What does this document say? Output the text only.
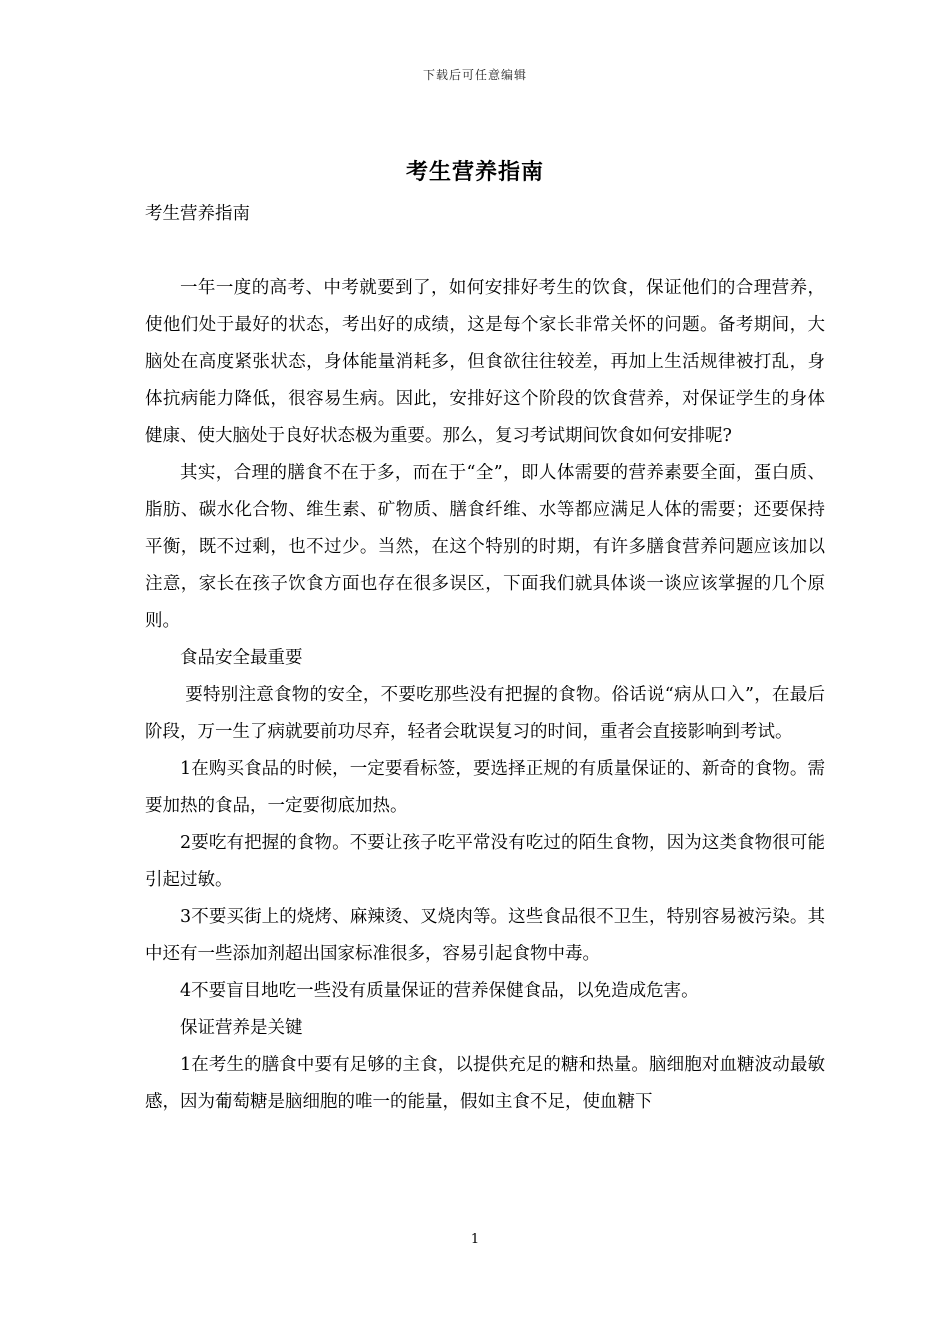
下载后可任意编辑
考生营养指南

考生营养指南

一年一度的高考、中考就要到了，如何安排好考生的饮食，保证他们的合理营养，使他们处于最好的状态，考出好的成绩，这是每个家长非常关怀的问题。备考期间，大脑处在高度紧张状态，身体能量消耗多，但食欲往往较差，再加上生活规律被打乱，身体抗病能力降低，很容易生病。因此，安排好这个阶段的饮食营养，对保证学生的身体健康、使大脑处于良好状态极为重要。那么，复习考试期间饮食如何安排呢?

其实，合理的膳食不在于多，而在于“全”，即人体需要的营养素要全面，蛋白质、脂肪、碳水化合物、维生素、矿物质、膳食纤维、水等都应满足人体的需要；还要保持平衡，既不过剩，也不过少。当然，在这个特别的时期，有许多膳食营养问题应该加以注意，家长在孩子饮食方面也存在很多误区，下面我们就具体谈一谈应该掌握的几个原则。

食品安全最重要

要特别注意食物的安全，不要吃那些没有把握的食物。俗话说“病从口入”，在最后阶段，万一生了病就要前功尽弃，轻者会耽误复习的时间，重者会直接影响到考试。

1在购买食品的时候，一定要看标签，要选择正规的有质量保证的、新奇的食物。需要加热的食品，一定要彻底加热。

2要吃有把握的食物。不要让孩子吃平常没有吃过的陌生食物，因为这类食物很可能引起过敏。

3不要买街上的烧烤、麻辣烫、叉烧肉等。这些食品很不卫生，特别容易被污染。其中还有一些添加剂超出国家标准很多，容易引起食物中毒。

4不要盲目地吃一些没有质量保证的营养保健食品，以免造成危害。

保证营养是关键

1在考生的膳食中要有足够的主食，以提供充足的糖和热量。脑细胞对血糖波动最敏感，因为葡萄糖是脑细胞的唯一的能量，假如主食不足，使血糖下

1
